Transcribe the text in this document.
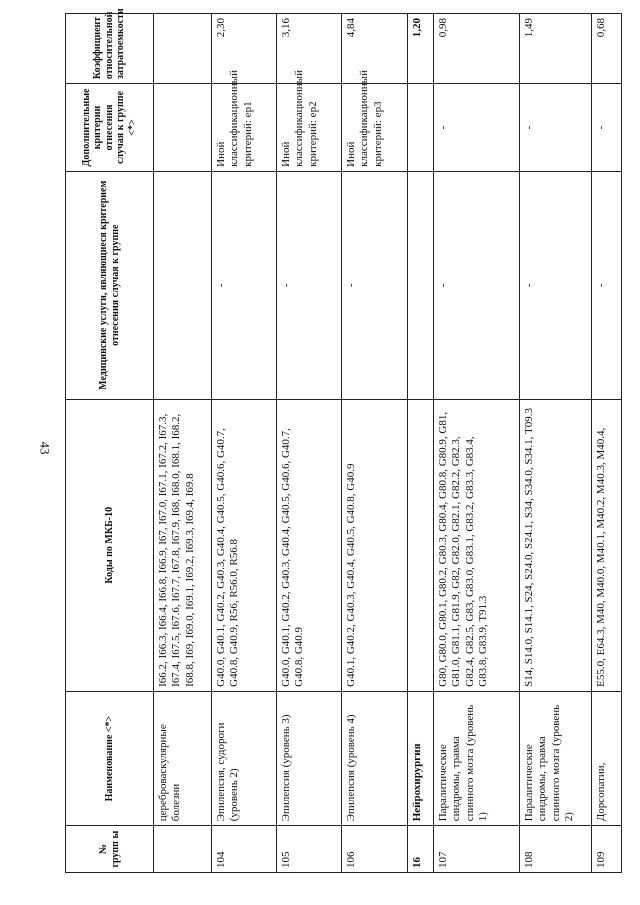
43
№ групп ы	Наименование <*>	Коды по МКБ-10	Медицинские услуги, являющиеся критерием отнесения случая к группе	Дополнительные критерии отнесения случая к группе <*>	Коэффициент относительной затратоемкости
	цереброваскулярные болезни	I66.2, I66.3, I66.4, I66.8, I66.9, I67, I67.0, I67.1, I67.2, I67.3, I67.4, I67.5, I67.6, I67.7, I67.8, I67.9, I68, I68.0, I68.1, I68.2, I68.8, I69, I69.0, I69.1, I69.2, I69.3, I69.4, I69.8			
104	Эпилепсия, судороги (уровень 2)	G40.0, G40.1, G40.2, G40.3, G40.4, G40.5, G40.6, G40.7, G40.8, G40.9, R56, R56.0, R56.8	-	Иной классификационный критерий: ep1	2,30
105	Эпилепсия (уровень 3)	G40.0, G40.1, G40.2, G40.3, G40.4, G40.5, G40.6, G40.7, G40.8, G40.9	-	Иной классификационный критерий: ep2	3,16
106	Эпилепсия (уровень 4)	G40.1, G40.2, G40.3, G40.4, G40.5, G40.8, G40.9	-	Иной классификационный критерий: ep3	4,84
16	Нейрохирургия				1,20
107	Паралитические синдромы, травма спинного мозга (уровень 1)	G80, G80.0, G80.1, G80.2, G80.3, G80.4, G80.8, G80.9, G81, G81.0, G81.1, G81.9, G82, G82.0, G82.1, G82.2, G82.3, G82.4, G82.5, G83, G83.0, G83.1, G83.2, G83.3, G83.4, G83.8, G83.9, T91.3	-	-	0,98
108	Паралитические синдромы, травма спинного мозга (уровень 2)	S14, S14.0, S14.1, S24, S24.0, S24.1, S34, S34.0, S34.1, T09.3	-	-	1,49
109	Дорсопатии,	E55.0, E64.3, M40, M40.0, M40.1, M40.2, M40.3, M40.4,	-	-	0,68
